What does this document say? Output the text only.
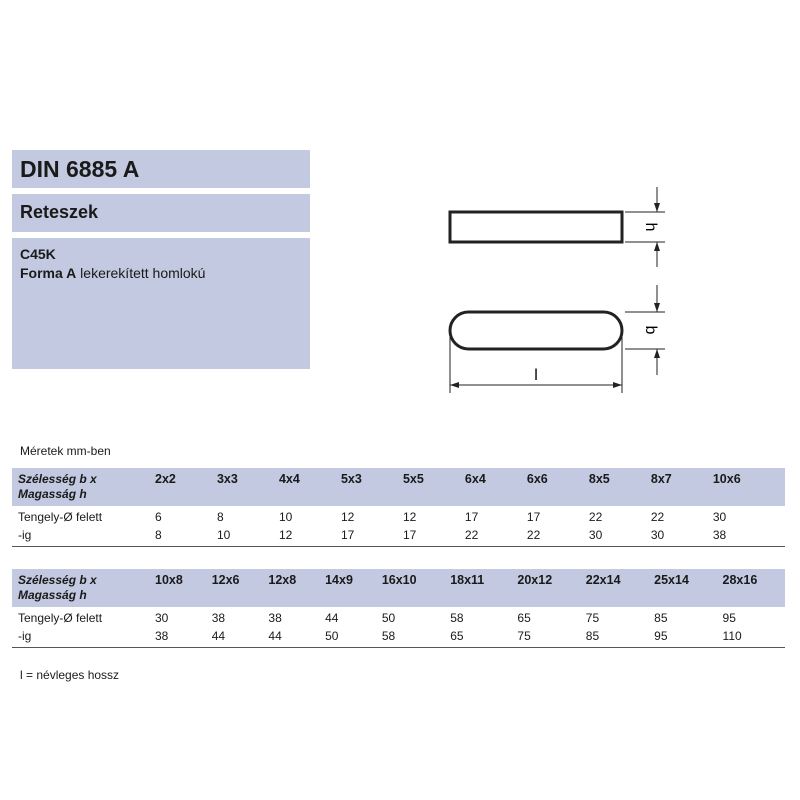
DIN 6885 A
Reteszek
C45K
Forma A lekerekített homlokú
h
b
l
Méretek mm-ben
Szélesség b x
Magasság h	2x2	3x3	4x4	5x3	5x5	6x4	6x6	8x5	8x7	10x6
Tengely-Ø felett	6	8	10	12	12	17	17	22	22	30
-ig	8	10	12	17	17	22	22	30	30	38
Szélesség b x
Magasság h	10x8	12x6	12x8	14x9	16x10	18x11	20x12	22x14	25x14	28x16
Tengely-Ø felett	30	38	38	44	50	58	65	75	85	95
-ig	38	44	44	50	58	65	75	85	95	110
l = névleges hossz
